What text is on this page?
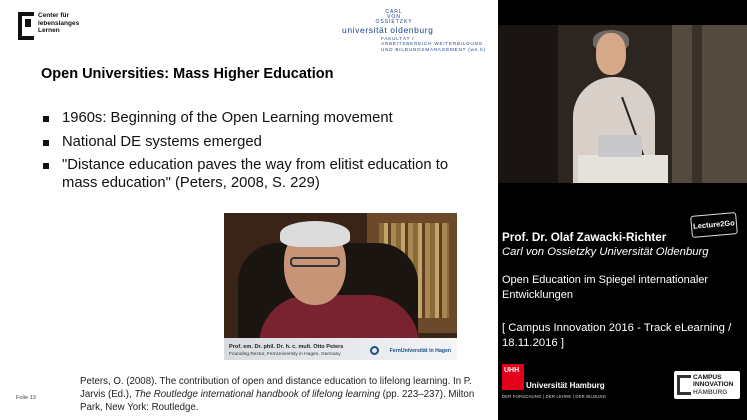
Center für
lebenslanges
Lernen
CARL
VON
OSSIETZKY
universität oldenburg
FAKULTÄT I
ARBEITSBEREICH WEITERBILDUNG
UND BILDUNGSMANAGEMENT (we.b)
Open Universities: Mass Higher Education
1960s: Beginning of the Open Learning movement
National DE systems emerged
"Distance education paves the way from elitist education to mass education" (Peters, 2008, S. 229)
Prof. em. Dr. phil. Dr. h. c. mult. Otto Peters
Founding Rector, FernUniversity in Hagen, Germany
FernUniversität in Hagen
Folie 13
Peters, O. (2008). The contribution of open and distance education to lifelong learning. In P. Jarvis (Ed.), The Routledge international handbook of lifelong learning (pp. 223–237). Milton Park, New York: Routledge.
Lecture2Go
Prof. Dr. Olaf Zawacki-Richter
Carl von Ossietzky Universität Oldenburg
Open Education im Spiegel internationaler Entwicklungen
[ Campus Innovation 2016 - Track eLearning / 18.11.2016 ]
UHH
Universität Hamburg
DER FORSCHUNG | DER LEHRE | DER BILDUNG
CAMPUS
INNOVATION
HAMBURG
